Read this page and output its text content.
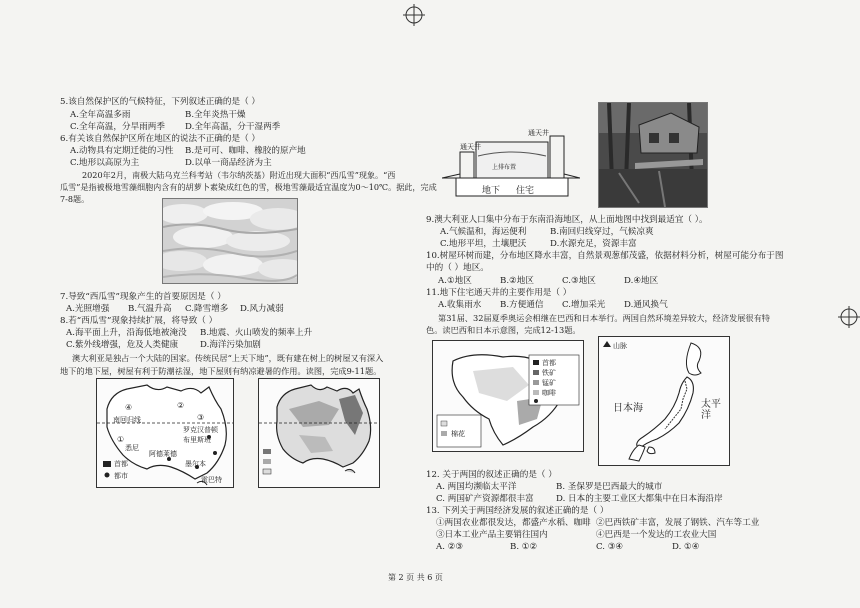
5.该自然保护区的气候特征，下列叙述正确的是（ ）
A.全年高温多雨	B.全年炎热干燥
C.全年高温，分旱雨两季 D.全年高温，分干湿两季
6.有关该自然保护区所在地区的说法不正确的是（ ）
A.动物具有定期迁徙的习性 B.是可可、咖啡、橡胶的原产地
C.地形以高原为主	D.以单一商品经济为主
2020年2月，南极大陆乌克兰科考站（韦尔纳茨基）附近出现大面积“西瓜雪”现象。“西
瓜雪”是指被极地雪藻细胞内含有的胡萝卜素染成红色的雪，极地雪藻最适宜温度为0～10℃。据此，完成
7-8题。
7.导致“西瓜雪”现象产生的首要原因是（ ）
A.光照增强 B.气温升高 C.降雪增多 D.风力减弱
8.若“西瓜雪”现象持续扩展，将导致（ ）
A.海平面上升，沿海低地被淹没 B.地震、火山喷发的频率上升
C.紫外线增强，危及人类健康	D.海洋污染加剧
澳大利亚是独占一个大陆的国家。传统民居“上天下地”，既有建在树上的树屋又有深入
地下的地下屋，树屋有利于防潮祛湿，地下屋则有纳凉避暑的作用。读图，完成9-11题。
南回归线
①
②
③
④
悉尼
罗克汉普顿
布里斯班
阿德莱德
墨尔本
首都
都市	霍巴特
通天井
通天井
上排布置
地下 住宅
9.澳大利亚人口集中分布于东南沿海地区，从上面地图中找到最适宜（ ）。
A.气候温和，海运便利	B.南回归线穿过，气候凉爽
C.地形平坦，土壤肥沃	D.水源充足，资源丰富
10.树屋环树而建，分布地区降水丰富，自然景观葱郁茂盛，依据材料分析，树屋可能分布于图
中的（ ）地区。
A.①地区	B.②地区	C.③地区	D.④地区
11.地下住宅通天井的主要作用是（ ）
A.收集雨水 B.方便通信 C.增加采光 D.通风换气
第31届、32届夏季奥运会相继在巴西和日本举行。两国自然环境差异较大，经济发展很有特
色。读巴西和日本示意图，完成12-13题。
首都
铁矿
锰矿
咖啡
棉花
山脉
日本海	太平洋
12. 关于两国的叙述正确的是（ ）
A. 两国均濒临太平洋	B. 圣保罗是巴西最大的城市
C. 两国矿产资源都很丰富	D. 日本的主要工业区大都集中在日本海沿岸
13. 下列关于两国经济发展的叙述正确的是（ ）
①两国农业都很发达，都盛产水稻、咖啡 ②巴西铁矿丰富，发展了钢铁、汽车等工业
③日本工业产品主要销往国内	④巴西是一个发达的工农业大国
A. ②③	B. ①②	C. ③④	D. ①④
第 2 页 共 6 页
